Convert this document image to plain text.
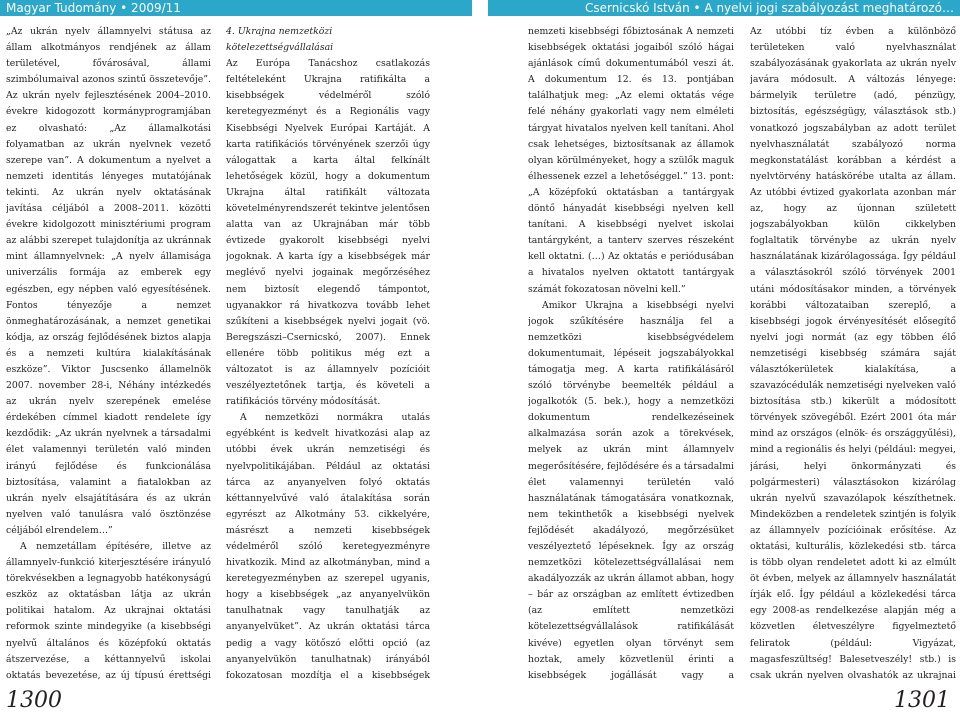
Magyar Tudomány • 2009/11	Csernicskó István • A nyelvi jogi szabályozást meghatározó…

„Az ukrán nyelv államnyelvi státusa az állam alkotmányos rendjének az állam területével, fővárosával, állami szimbólumaival azonos szintű összetevője”. Az ukrán nyelv fejlesztésének 2004–2010. évekre kidogozott kormányprogramjában ez olvasható: „Az államalkotási folyamatban az ukrán nyelvnek vezető szerepe van”. A dokumentum a nyelvet a nemzeti identitás lényeges mutatójának tekinti. Az ukrán nyelv oktatásának javítása céljából a 2008–2011. közötti évekre kidolgozott minisztériumi program az alábbi szerepet tulajdonítja az ukránnak mint államnyelvnek: „A nyelv államisága univerzális formája az emberek egy egészben, egy népben való egyesítésének. Fontos tényezője a nemzet önmeghatározásának, a nemzet genetikai kódja, az ország fejlődésének biztos alapja és a nemzeti kultúra kialakításának eszköze”. Viktor Juscsenko államelnök 2007. november 28-i, Néhány intézkedés az ukrán nyelv szerepének emelése érdekében címmel kiadott rendelete így kezdődik: „Az ukrán nyelvnek a társadalmi élet valamennyi területén való minden irányú fejlődése és funkcionálása biztosítása, valamint a fiatalokban az ukrán nyelv elsajátítására és az ukrán nyelven való tanulásra való ösztönzése céljából elrendelem…”

A nemzetállam építésére, illetve az államnyelv-funkció kiterjesztésére irányuló törekvésekben a legnagyobb hatékonyságú eszköz az oktatásban látja az ukrán politikai hatalom. Az ukrajnai oktatási reformok szinte mindegyike (a kisebbségi nyelvű általános és középfokú oktatás átszervezése, a kéttannyelvű iskolai oktatás bevezetése, az új típusú érettségi

4. Ukrajna nemzetközi kötelezettségvállalásai

Az Európa Tanácshoz csatlakozás feltételeként Ukrajna ratifikálta a kisebbségek védelméről szóló keretegyezményt és a Regionális vagy Kisebbségi Nyelvek Európai Kartáját. A karta ratifikációs törvényének szerzői úgy válogattak a karta által felkínált lehetőségek közül, hogy a dokumentum Ukrajna által ratifikált változata követelményrendszerét tekintve jelentősen alatta van az Ukrajnában már több évtizede gyakorolt kisebbségi nyelvi jogoknak. A karta így a kisebbségek már meglévő nyelvi jogainak megőrzéséhez nem biztosít elegendő támpontot, ugyanakkor rá hivatkozva tovább lehet szűkíteni a kisebbségek nyelvi jogait (vö. Beregszászi–Csernicskó, 2007). Ennek ellenére több politikus még ezt a változatot is az államnyelv pozícióit veszélyeztetőnek tartja, és követeli a ratifikációs törvény módosítását.

A nemzetközi normákra utalás egyébként is kedvelt hivatkozási alap az utóbbi évek ukrán nemzetiségi és nyelvpolitikájában. Például az oktatási tárca az anyanyelven folyó oktatás kéttannyelvűvé való átalakítása során egyrészt az Alkotmány 53. cikkelyére, másrészt a nemzeti kisebbségek védelméről szóló keretegyezményre hivatkozik. Mind az alkotmányban, mind a keretegyezményben az szerepel ugyanis, hogy a kisebbségek „az anyanyelvükön tanulhatnak vagy tanulhatják az anyanyelvüket”. Az ukrán oktatási tárca pedig a vagy kötőszó előtti opció (az anyanyelvükön tanulhatnak) irányából fokozatosan mozdítja el a kisebbségek

nemzeti kisebbségi főbiztosának A nemzeti kisebbségek oktatási jogaiból szóló hágai ajánlások című dokumentumából veszi át. A dokumentum 12. és 13. pontjában találhatjuk meg: „Az elemi oktatás vége felé néhány gyakorlati vagy nem elméleti tárgyat hivatalos nyelven kell tanítani. Ahol csak lehetséges, biztosítsanak az államok olyan körülményeket, hogy a szülők maguk élhessenek ezzel a lehetőséggel.” 13. pont: „A középfokú oktatásban a tantárgyak döntő hányadát kisebbségi nyelven kell tanítani. A kisebbségi nyelvet iskolai tantárgyként, a tanterv szerves részeként kell oktatni. (…) Az oktatás e periódusában a hivatalos nyelven oktatott tantárgyak számát fokozatosan növelni kell.”

Amikor Ukrajna a kisebbségi nyelvi jogok szűkítésére használja fel a nemzetközi kisebbségvédelem dokumentumait, lépéseit jogszabályokkal támogatja meg. A karta ratifikálásáról szóló törvénybe beemelték például a jogalkotók (5. bek.), hogy a nemzetközi dokumentum rendelkezéseinek alkalmazása során azok a törekvések, melyek az ukrán mint államnyelv megerősítésére, fejlődésére és a társadalmi élet valamennyi területén való használatának támogatására vonatkoznak, nem tekinthetők a kisebbségi nyelvek fejlődését akadályozó, megőrzésüket veszélyeztető lépéseknek. Így az ország nemzetközi kötelezettségvállalásai nem akadályozzák az ukrán államot abban, hogy – bár az országban az említett évtizedben (az említett nemzetközi kötelezettségvállalások ratifikálását kivéve) egyetlen olyan törvényt sem hoztak, amely közvetlenül érinti a kisebbségek jogállását vagy a

Az utóbbi tíz évben a különböző területeken való nyelvhasználat szabályozásának gyakorlata az ukrán nyelv javára módosult. A változás lényege: bármelyik területre (adó, pénzügy, biztosítás, egészségügy, választások stb.) vonatkozó jogszabályban az adott terület nyelvhasználatát szabályozó norma megkonstatálást korábban a kérdést a nyelvtörvény hatáskörébe utalta az állam. Az utóbbi évtized gyakorlata azonban már az, hogy az újonnan született jogszabályokban külön cikkelyben foglaltatik törvénybe az ukrán nyelv használatának kizárólagossága. Így például a választásokról szóló törvények 2001 utáni módosításakor minden, a törvények korábbi változataiban szereplő, a kisebbségi jogok érvényesítését elősegítő nyelvi jogi normát (az egy többen élő nemzetiségi kisebbség számára saját választókerületek kialakítása, a szavazócédulák nemzetiségi nyelveken való biztosítása stb.) kikerült a módosított törvények szövegéből. Ezért 2001 óta már mind az országos (elnök- és országgyűlési), mind a regionális és helyi (például: megyei, járási, helyi önkormányzati és polgármesteri) választásokon kizárólag ukrán nyelvű szavazólapok készíthetnek. Mindeközben a rendeletek szintjén is folyik az államnyelv pozícióinak erősítése. Az oktatási, kulturális, közlekedési stb. tárca is több olyan rendeletet adott ki az elmúlt öt évben, melyek az államnyelv használatát írják elő. Így például a közlekedési tárca egy 2008-as rendelkezése alapján még a közvetlen életveszélyre figyelmeztető feliratok (például: Vigyázat, magasfeszültség! Balesetveszély! stb.) is csak ukrán nyelven olvashatók az ukrajnai

1300	1301
